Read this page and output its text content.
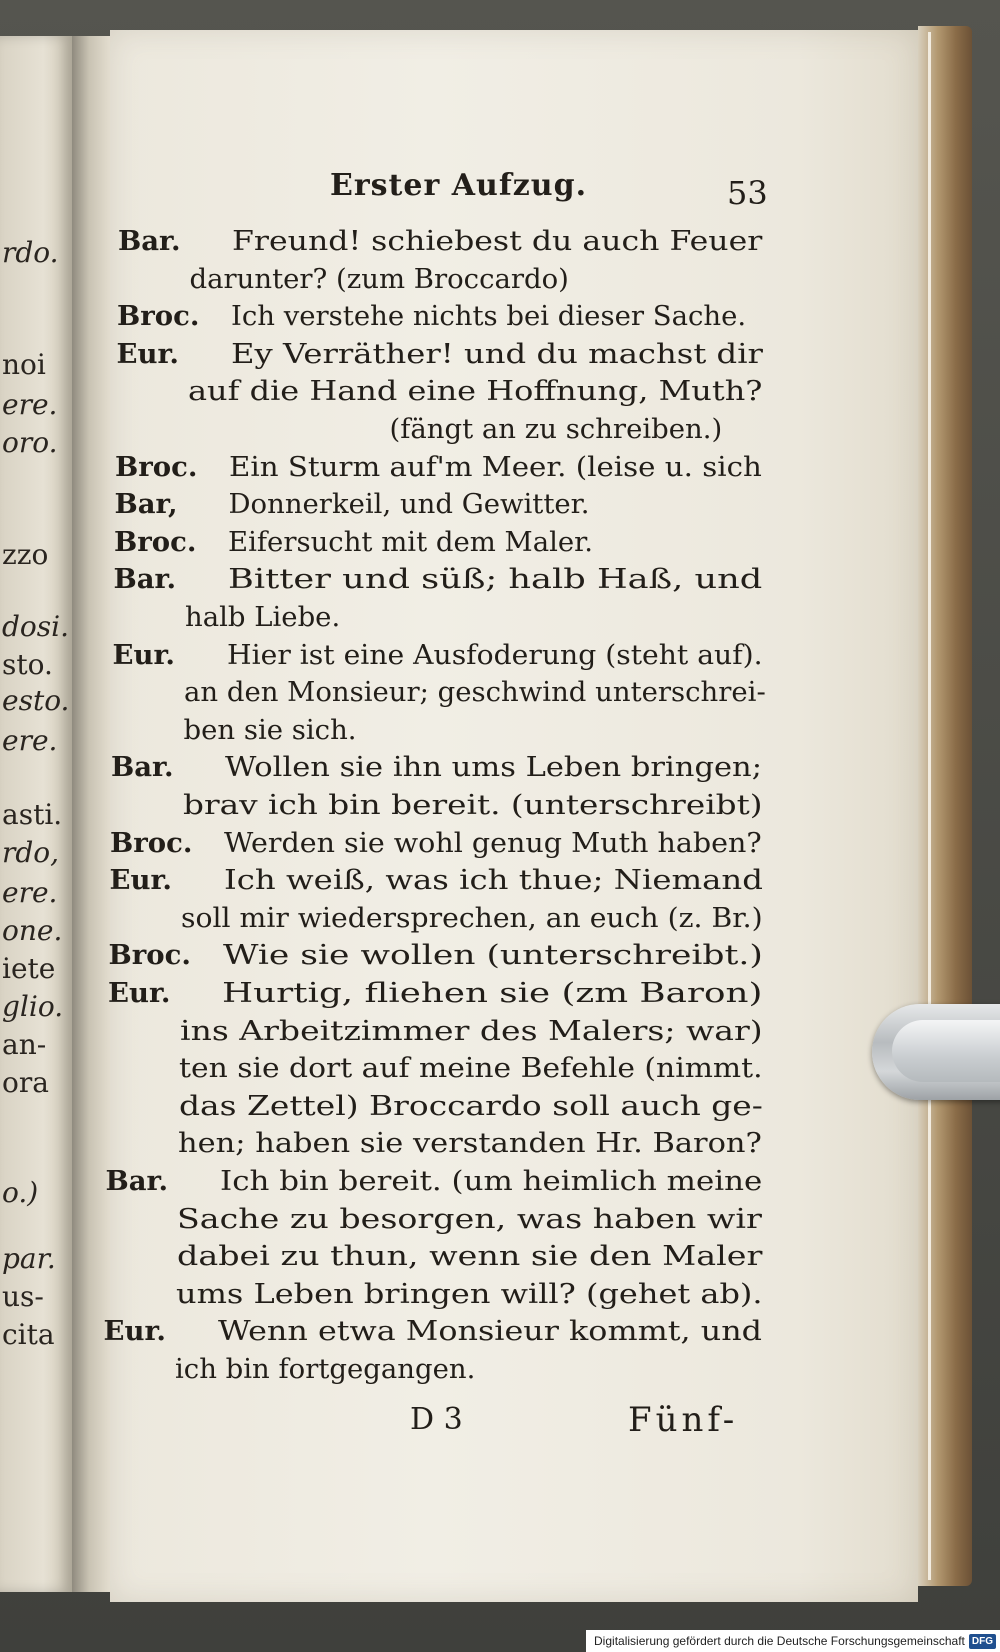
rdo.
noi
ere.
oro.
zzo
dosi.
sto.
esto.
ere.
asti.
rdo,
ere.
one.
iete
glio.
an-
ora
o.)
par.
us-
cita
Erster Aufzug.	53
Bar. Freund! schiebest du auch Feuer
darunter? (zum Broccardo)
Broc. Ich verstehe nichts bei dieser Sache.
Eur. Ey Verräther! und du machst dir
auf die Hand eine Hoffnung, Muth?
(fängt an zu schreiben.)
Broc. Ein Sturm auf'm Meer. (leise u. sich
Bar, Donnerkeil, und Gewitter.
Broc. Eifersucht mit dem Maler.
Bar. Bitter und süß; halb Haß, und
halb Liebe.
Eur. Hier ist eine Ausfoderung (steht auf).
an den Monsieur; geschwind unterschrei-
ben sie sich.
Bar. Wollen sie ihn ums Leben bringen;
brav ich bin bereit. (unterschreibt)
Broc. Werden sie wohl genug Muth haben?
Eur. Ich weiß, was ich thue; Niemand
soll mir wiedersprechen, an euch (z. Br.)
Broc. Wie sie wollen (unterschreibt.)
Eur. Hurtig, fliehen sie (zm Baron)
ins Arbeitzimmer des Malers; war)
ten sie dort auf meine Befehle (nimmt.
das Zettel) Broccardo soll auch ge-
hen; haben sie verstanden Hr. Baron?
Bar. Ich bin bereit. (um heimlich meine
Sache zu besorgen, was haben wir
dabei zu thun, wenn sie den Maler
ums Leben bringen will? (gehet ab).
Eur. Wenn etwa Monsieur kommt, und
ich bin fortgegangen.
D 3	Fünf-
Digitalisierung gefördert durch die Deutsche Forschungsgemeinschaft DFG
